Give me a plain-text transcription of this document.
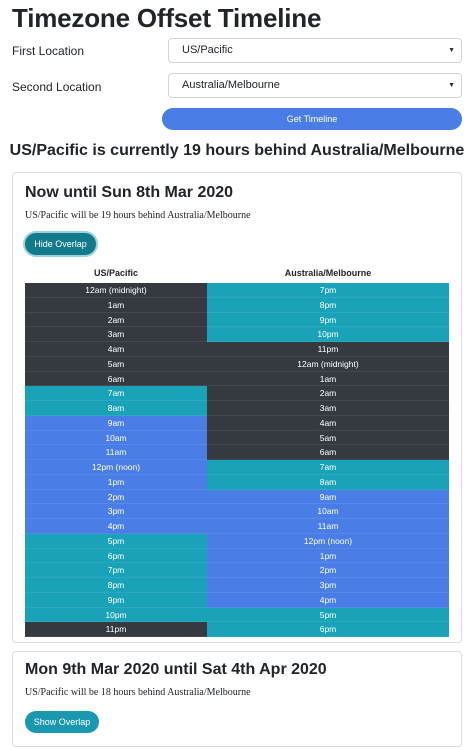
Timezone Offset Timeline
First Location	US/Pacific	▼
Second Location	Australia/Melbourne	▼
Get Timeline
US/Pacific is currently 19 hours behind Australia/Melbourne
Now until Sun 8th Mar 2020
US/Pacific will be 19 hours behind Australia/Melbourne
Hide Overlap
US/Pacific	Australia/Melbourne
12am (midnight)	7pm
1am	8pm
2am	9pm
3am	10pm
4am	11pm
5am	12am (midnight)
6am	1am
7am	2am
8am	3am
9am	4am
10am	5am
11am	6am
12pm (noon)	7am
1pm	8am
2pm	9am
3pm	10am
4pm	11am
5pm	12pm (noon)
6pm	1pm
7pm	2pm
8pm	3pm
9pm	4pm
10pm	5pm
11pm	6pm
Mon 9th Mar 2020 until Sat 4th Apr 2020
US/Pacific will be 18 hours behind Australia/Melbourne
Show Overlap
